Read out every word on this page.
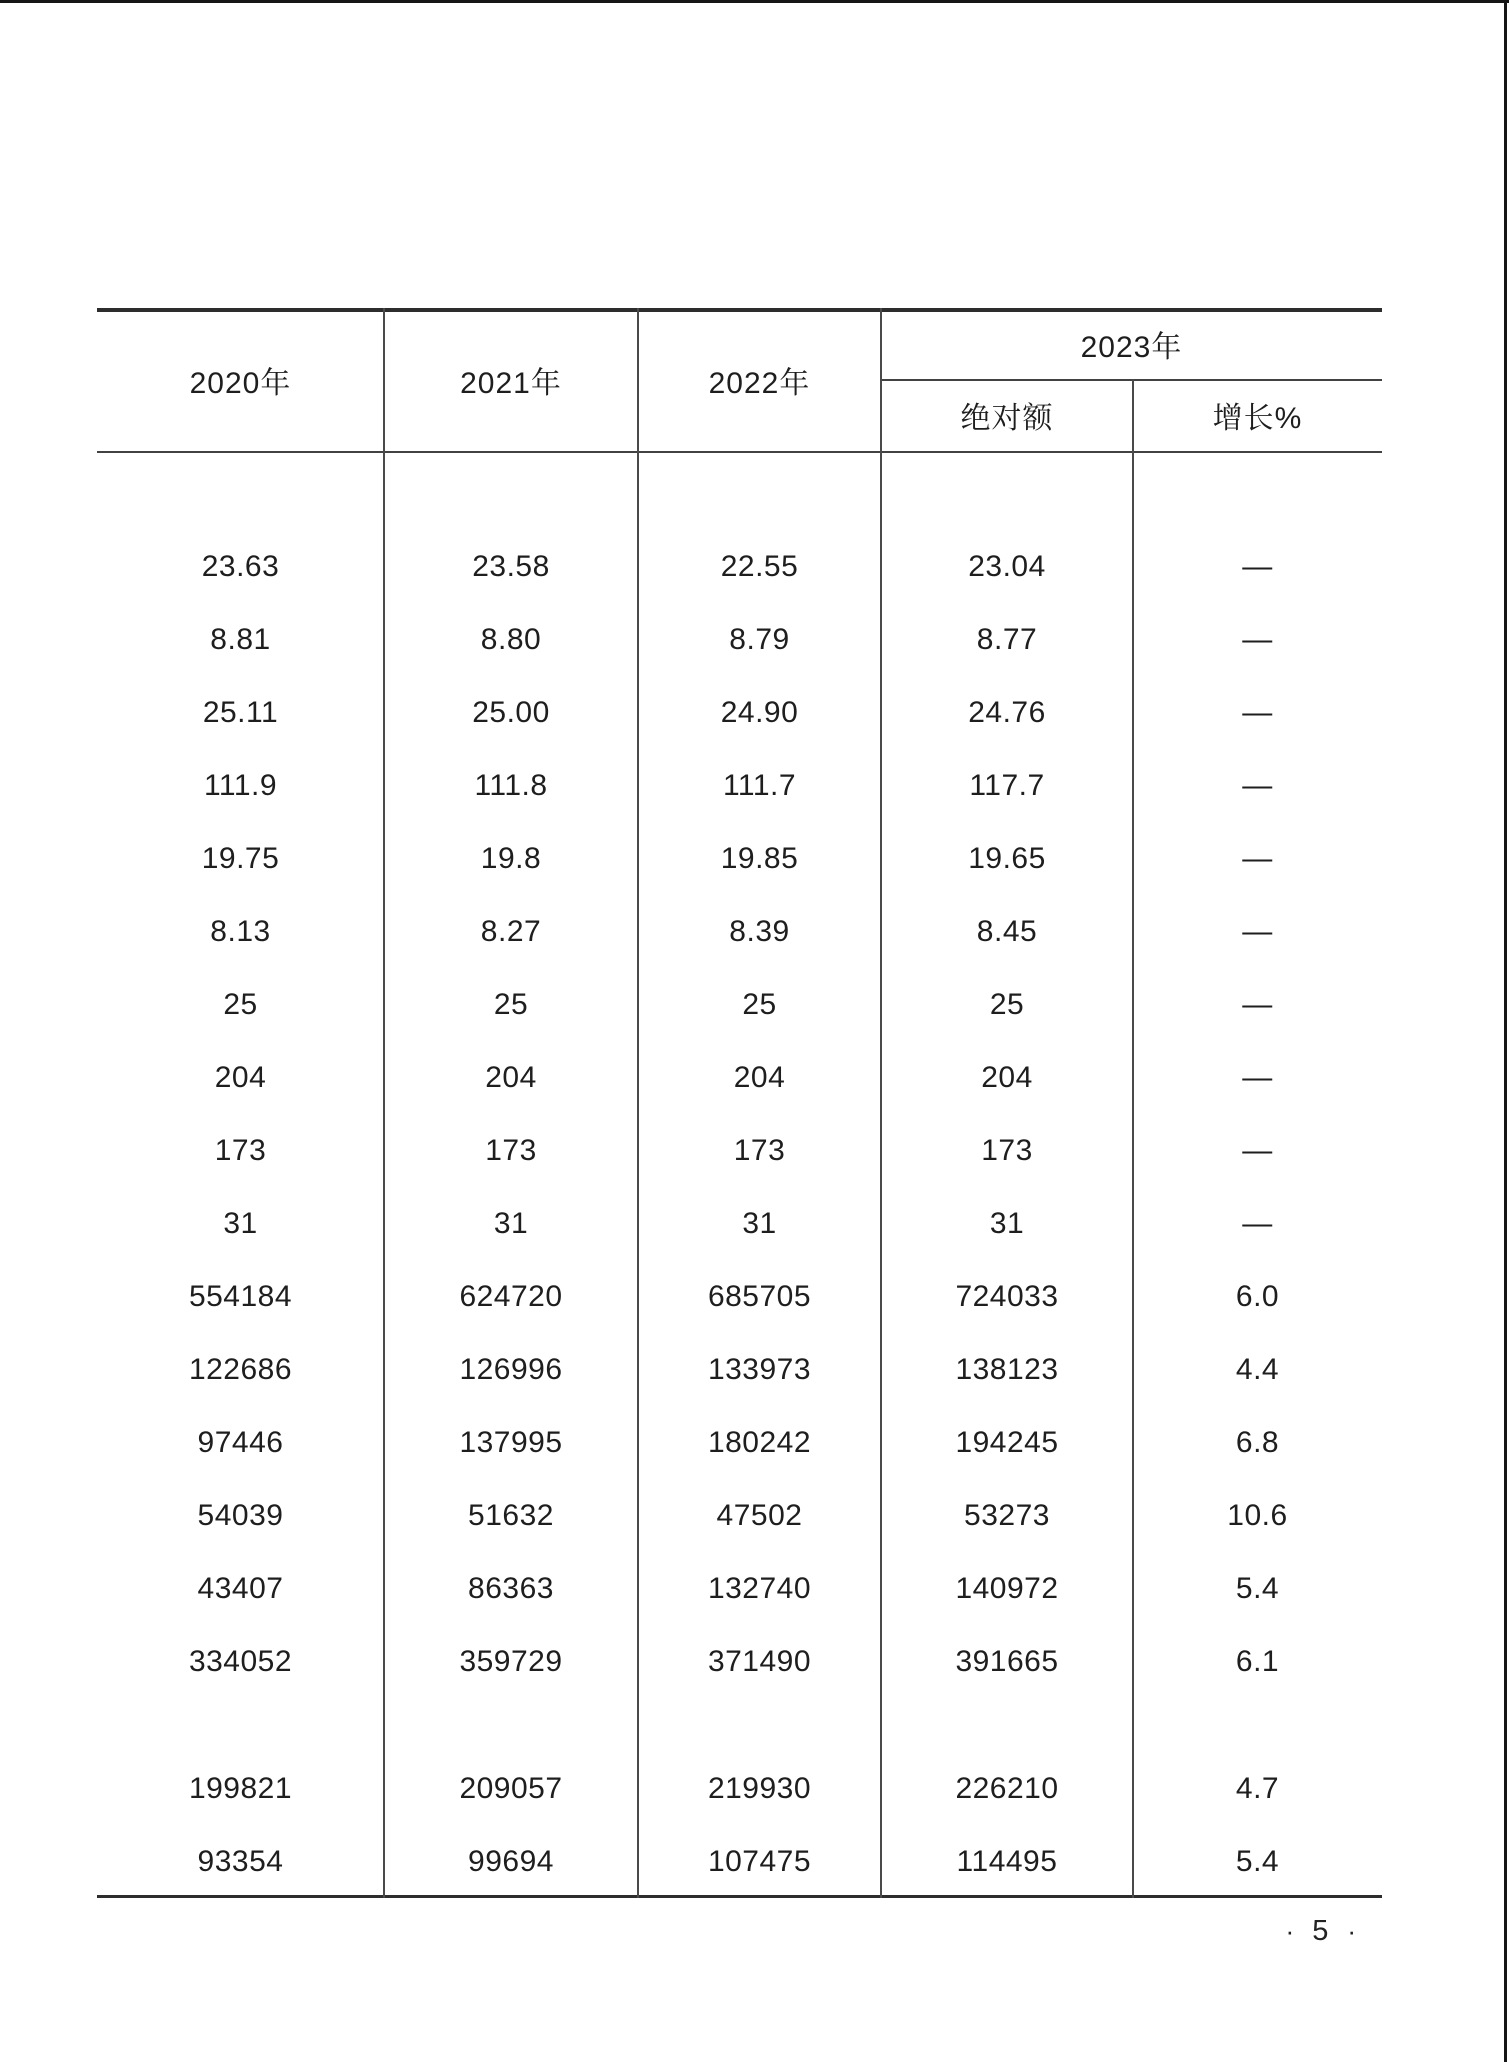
2020年	2021年	2022年
2023年
绝对额	增长%
23.63	23.58	22.55	23.04	—
8.81	8.80	8.79	8.77	—
25.11	25.00	24.90	24.76	—
111.9	111.8	111.7	117.7	—
19.75	19.8	19.85	19.65	—
8.13	8.27	8.39	8.45	—
25	25	25	25	—
204	204	204	204	—
173	173	173	173	—
31	31	31	31	—
554184	624720	685705	724033	6.0
122686	126996	133973	138123	4.4
97446	137995	180242	194245	6.8
54039	51632	47502	53273	10.6
43407	86363	132740	140972	5.4
334052	359729	371490	391665	6.1
199821	209057	219930	226210	4.7
93354	99694	107475	114495	5.4
· 5 ·
